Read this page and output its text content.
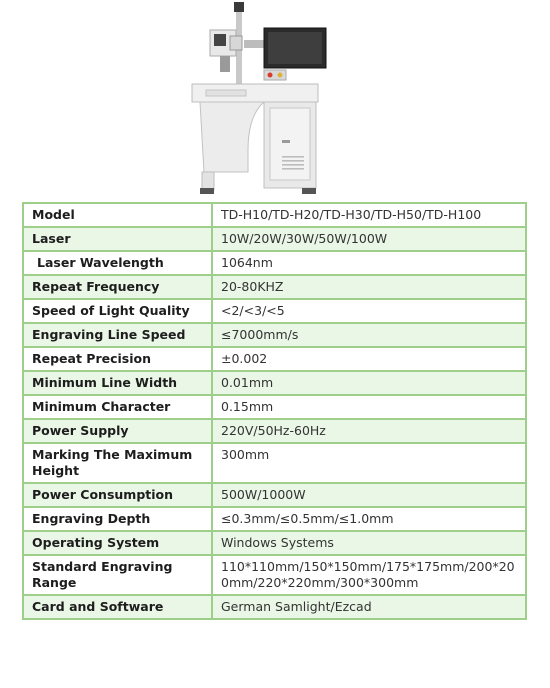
Model	TD-H10/TD-H20/TD-H30/TD-H50/TD-H100
Laser	10W/20W/30W/50W/100W
Laser Wavelength	1064nm
Repeat Frequency	20-80KHZ
Speed of Light Quality	<2/<3/<5
Engraving Line Speed	≤7000mm/s
Repeat Precision	±0.002
Minimum Line Width	0.01mm
Minimum Character	0.15mm
Power Supply	220V/50Hz-60Hz
Marking The Maximum Height	300mm
Power Consumption	500W/1000W
Engraving Depth	≤0.3mm/≤0.5mm/≤1.0mm
Operating System	Windows Systems
Standard Engraving Range	110*110mm/150*150mm/175*175mm/200*200mm/220*220mm/300*300mm
Card and Software	German Samlight/Ezcad
